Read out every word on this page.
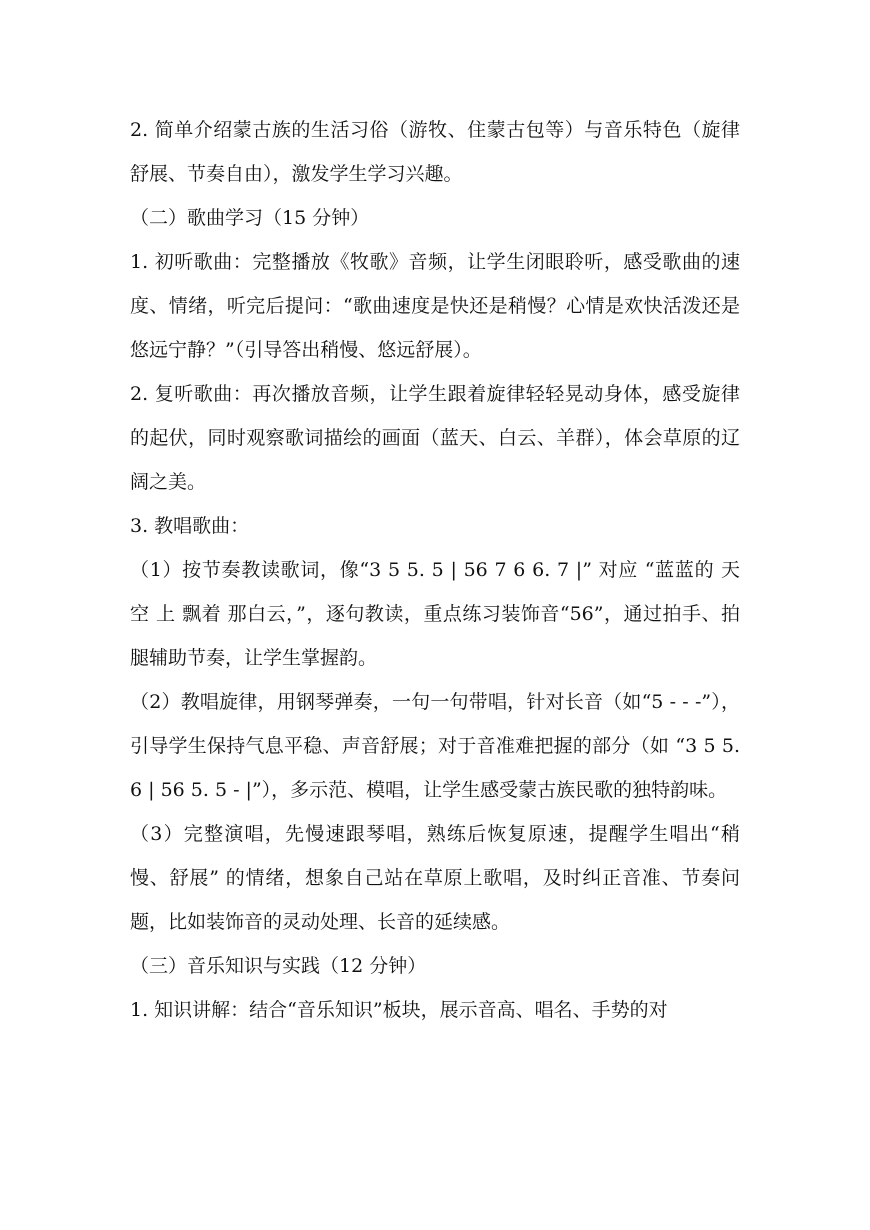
2. 简单介绍蒙古族的生活习俗（游牧、住蒙古包等）与音乐特色（旋律舒展、节奏自由），激发学生学习兴趣。

（二）歌曲学习（15 分钟）

1. 初听歌曲：完整播放《牧歌》音频，让学生闭眼聆听，感受歌曲的速度、情绪，听完后提问：“歌曲速度是快还是稍慢？心情是欢快活泼还是悠远宁静？”（引导答出稍慢、悠远舒展）。

2. 复听歌曲：再次播放音频，让学生跟着旋律轻轻晃动身体，感受旋律的起伏，同时观察歌词描绘的画面（蓝天、白云、羊群），体会草原的辽阔之美。

3. 教唱歌曲：

（1）按节奏教读歌词，像“3 5 5. 5 | 56 7 6 6. 7 |” 对应 “蓝蓝的 天 空 上 飘着 那白云，”，逐句教读，重点练习装饰音“56”，通过拍手、拍腿辅助节奏，让学生掌握韵。

（2）教唱旋律，用钢琴弹奏，一句一句带唱，针对长音（如“5 - - -”），引导学生保持气息平稳、声音舒展；对于音准难把握的部分（如 “3 5 5. 6 | 56 5. 5 - |”），多示范、模唱，让学生感受蒙古族民歌的独特韵味。

（3）完整演唱，先慢速跟琴唱，熟练后恢复原速，提醒学生唱出“稍慢、舒展” 的情绪，想象自己站在草原上歌唱，及时纠正音准、节奏问题，比如装饰音的灵动处理、长音的延续感。

（三）音乐知识与实践（12 分钟）

1. 知识讲解：结合“音乐知识”板块，展示音高、唱名、手势的对
